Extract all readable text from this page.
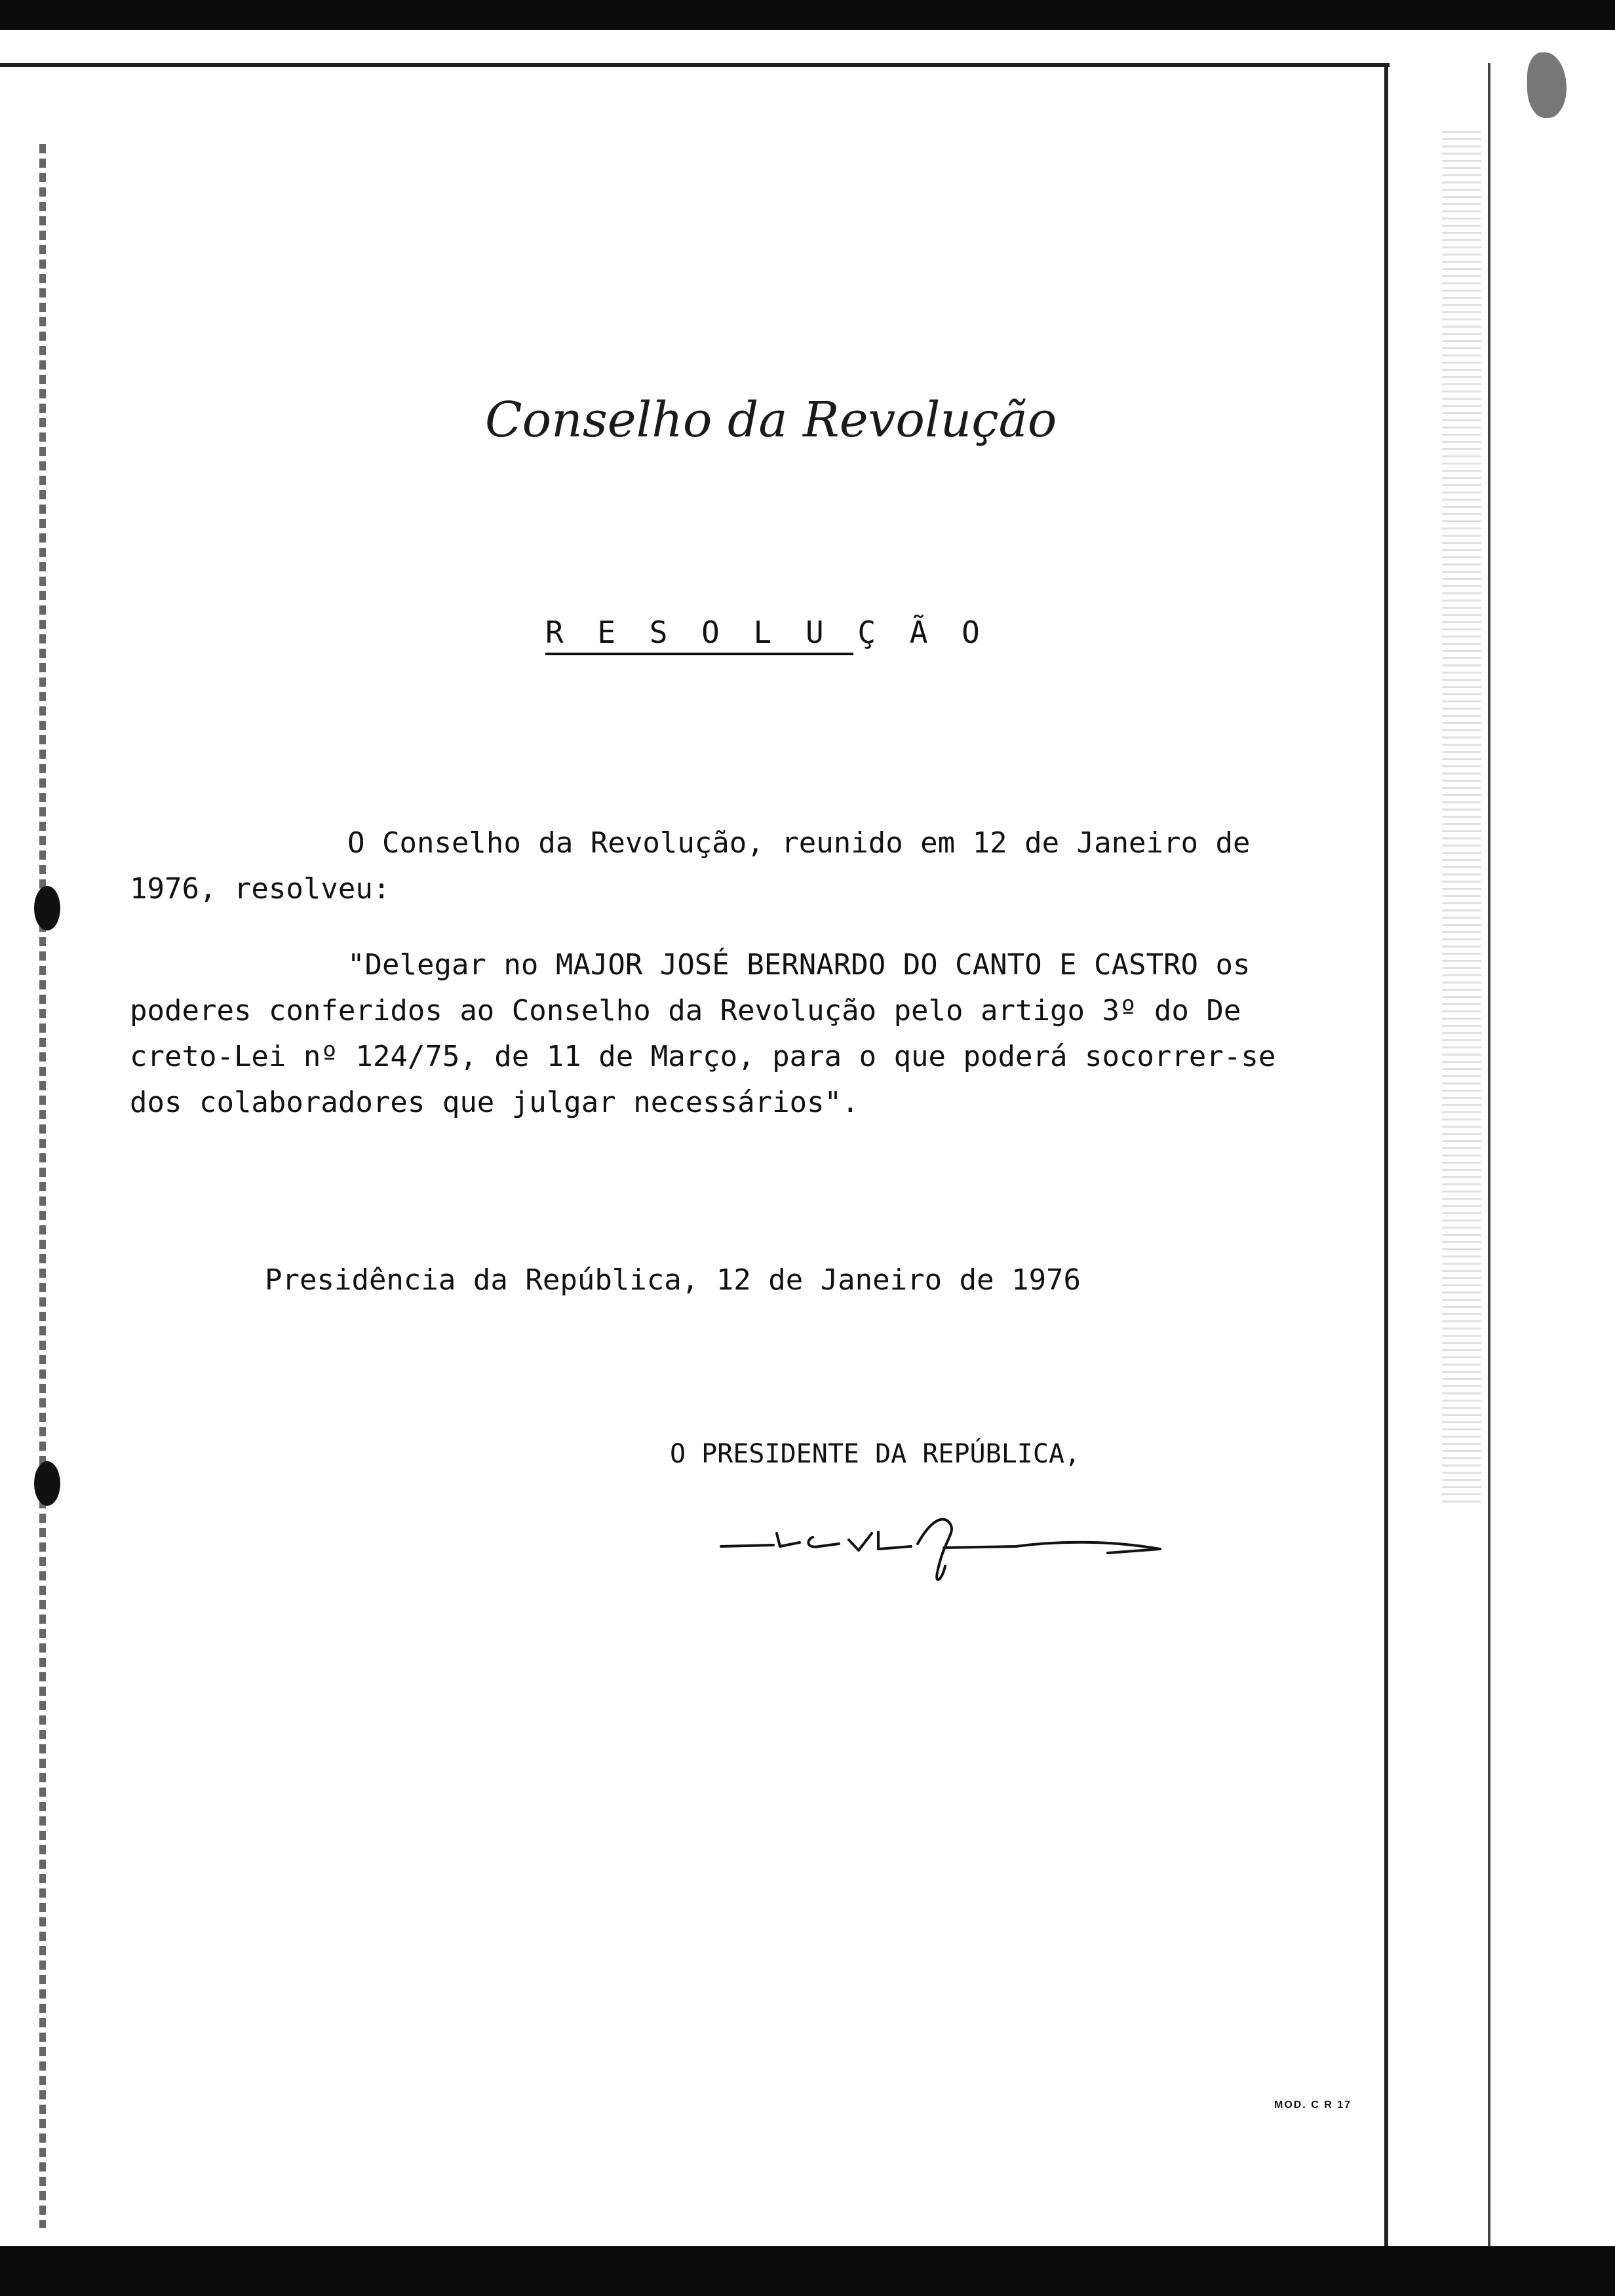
Conselho da Revolução
R E S O L U Ç Ã O
O Conselho da Revolução, reunido em 12 de Janeiro de
1976, resolveu:
"Delegar no MAJOR JOSÉ BERNARDO DO CANTO E CASTRO os
poderes conferidos ao Conselho da Revolução pelo artigo 3º do De
creto-Lei nº 124/75, de 11 de Março, para o que poderá socorrer-se
dos colaboradores que julgar necessários".
Presidência da República, 12 de Janeiro de 1976
O PRESIDENTE DA REPÚBLICA,
MOD. C R 17
